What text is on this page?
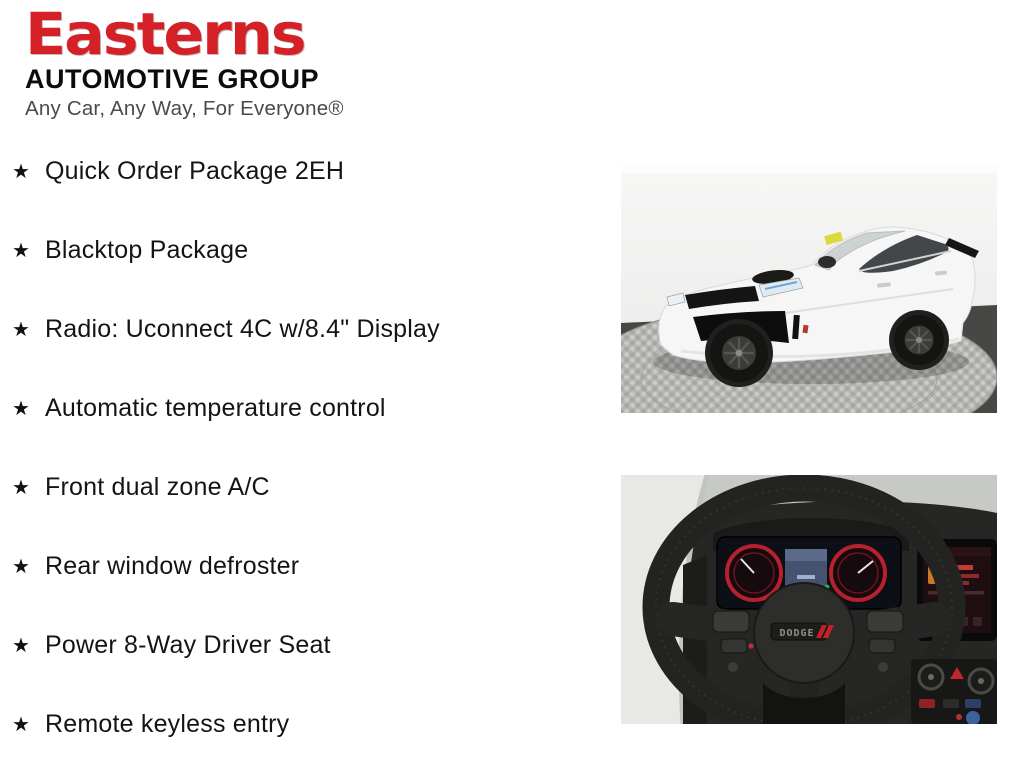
Easterns
AUTOMOTIVE GROUP
Any Car, Any Way, For Everyone®
★ Quick Order Package 2EH
★ Blacktop Package
★ Radio: Uconnect 4C w/8.4" Display
★ Automatic temperature control
★ Front dual zone A/C
★ Rear window defroster
★ Power 8-Way Driver Seat
★ Remote keyless entry
DODGE
